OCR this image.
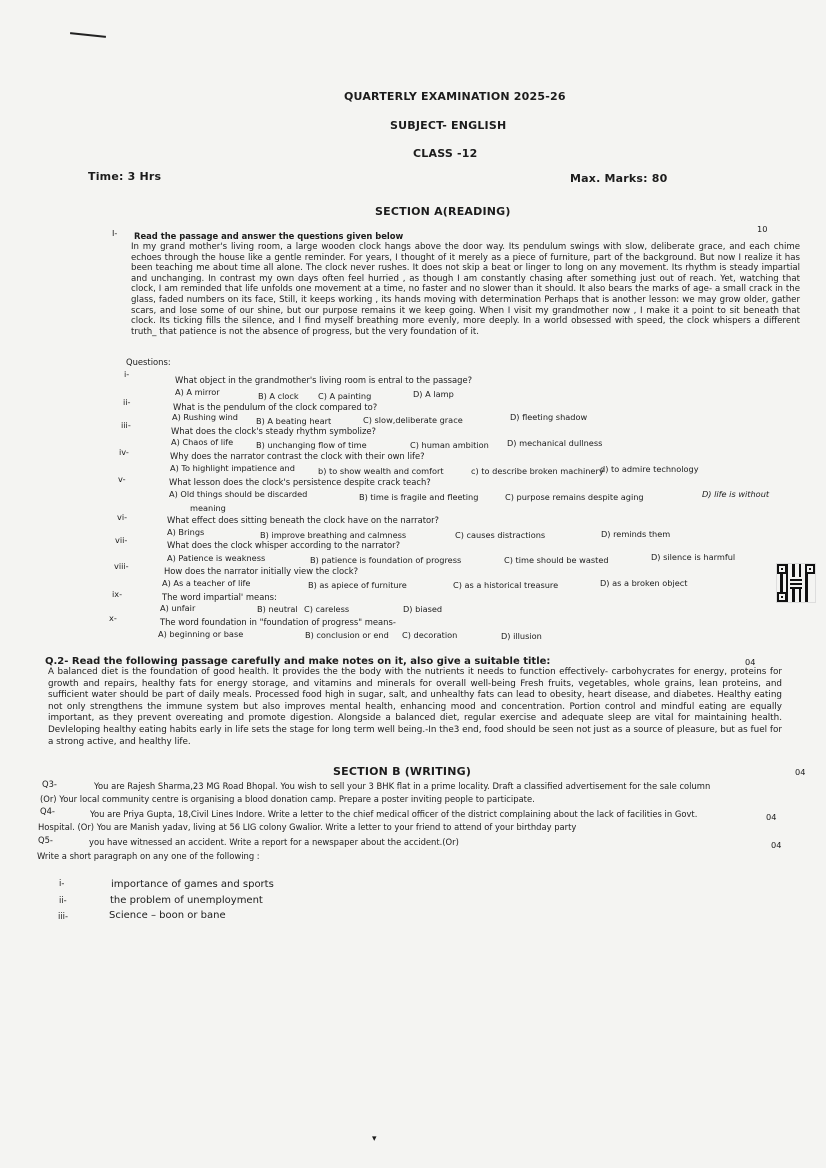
QUARTERLY EXAMINATION 2025-26
SUBJECT- ENGLISH
CLASS -12
Time: 3 Hrs	Max. Marks: 80
SECTION A(READING)
10
I- Read the passage and answer the questions given below
In my grand mother's living room, a large wooden clock hangs above the door way. Its pendulum swings with slow, deliberate grace, and each chime echoes through the house like a gentle reminder. For years, I thought of it merely as a piece of furniture, part of the background. But now I realize it has been teaching me about time all alone. The clock never rushes. It does not skip a beat or linger to long on any movement. Its rhythm is steady impartial and unchanging. In contrast my own days often feel hurried , as though I am constantly chasing after something just out of reach. Yet, watching that clock, I am reminded that life unfolds one movement at a time, no faster and no slower than it should. It also bears the marks of age- a small crack in the glass, faded numbers on its face, Still, it keeps working , its hands moving with determination Perhaps that is another lesson: we may grow older, gather scars, and lose some of our shine, but our purpose remains it we keep going. When I visit my grandmother now , I make it a point to sit beneath that clock. Its ticking fills the silence, and I find myself breathing more evenly, more deeply. In a world obsessed with speed, the clock whispers a different truth_ that patience is not the absence of progress, but the very foundation of it.
Questions:
i-
What object in the grandmother's living room is entral to the passage?
A) A mirror	B) A clock C) A painting	D) A lamp
ii-	What is the pendulum of the clock compared to?
A) Rushing wind B) A beating heart	C) slow,deliberate grace	D) fleeting shadow
iii-
What does the clock's steady rhythm symbolize?
A) Chaos of life	B) unchanging flow of time	C) human ambition D) mechanical dullness
iv-	Why does the narrator contrast the clock with their own life?
A) To highlight impatience and	b) to show wealth and comfort	c) to describe broken machinery
d) to admire technology
v-	What lesson does the clock's persistence despite crack teach?
A) Old things should be discarded	B) time is fragile and fleeting	C) purpose remains despite aging	D) life is without
meaning
vi-	What effect does sitting beneath the clock have on the narrator?
A) Brings	B) improve breathing and calmness	C) causes distractions	D) reminds them
vii-	What does the clock whisper according to the narrator?
A) Patience is weakness	B) patience is foundation of progress	C) time should be wasted	D) silence is harmful
viii-	How does the narrator initially view the clock?
A) As a teacher of life	B) as apiece of furniture	C) as a historical treasure	D) as a broken object
ix-	The word impartial' means:
A) unfair	B) neutral C) careless	D) biased
x-	The word foundation in "foundation of progress" means-
A) beginning or base	B) conclusion or end C) decoration	D) illusion
Q.2- Read the following passage carefully and make notes on it, also give a suitable title:	04
A balanced diet is the foundation of good health. It provides the the body with the nutrients it needs to function effectively- carbohycrates for energy, proteins for growth and repairs, healthy fats for energy storage, and vitamins and minerals for overall well-being Fresh fruits, vegetables, whole grains, lean proteins, and sufficient water should be part of daily meals. Processed food high in sugar, salt, and unhealthy fats can lead to obesity, heart disease, and diabetes. Healthy eating not only strengthens the immune system but also improves mental health, enhancing mood and concentration. Portion control and mindful eating are equally important, as they prevent overeating and promote digestion. Alongside a balanced diet, regular exercise and adequate sleep are vital for maintaining health. Devleloping healthy eating habits early in life sets the stage for long term well being.-In the3 end, food should be seen not just as a source of pleasure, but as fuel for a strong active, and healthy life.
SECTION B (WRITING)	04
Q3-	You are Rajesh Sharma,23 MG Road Bhopal. You wish to sell your 3 BHK flat in a prime locality. Draft a classified advertisement for the sale column
(Or) Your local community centre is organising a blood donation camp. Prepare a poster inviting people to participate.
Q4-	You are Priya Gupta, 18,Civil Lines Indore. Write a letter to the chief medical officer of the district complaining about the lack of facilities in Govt.	04
Hospital. (Or) You are Manish yadav, living at 56 LIG colony Gwalior. Write a letter to your friend to attend of your birthday party
Q5-	you have witnessed an accident. Write a report for a newspaper about the accident.(Or)	04
Write a short paragraph on any one of the following :
i-	importance of games and sports
ii-	the problem of unemployment
iii-	Science – boon or bane
▾
